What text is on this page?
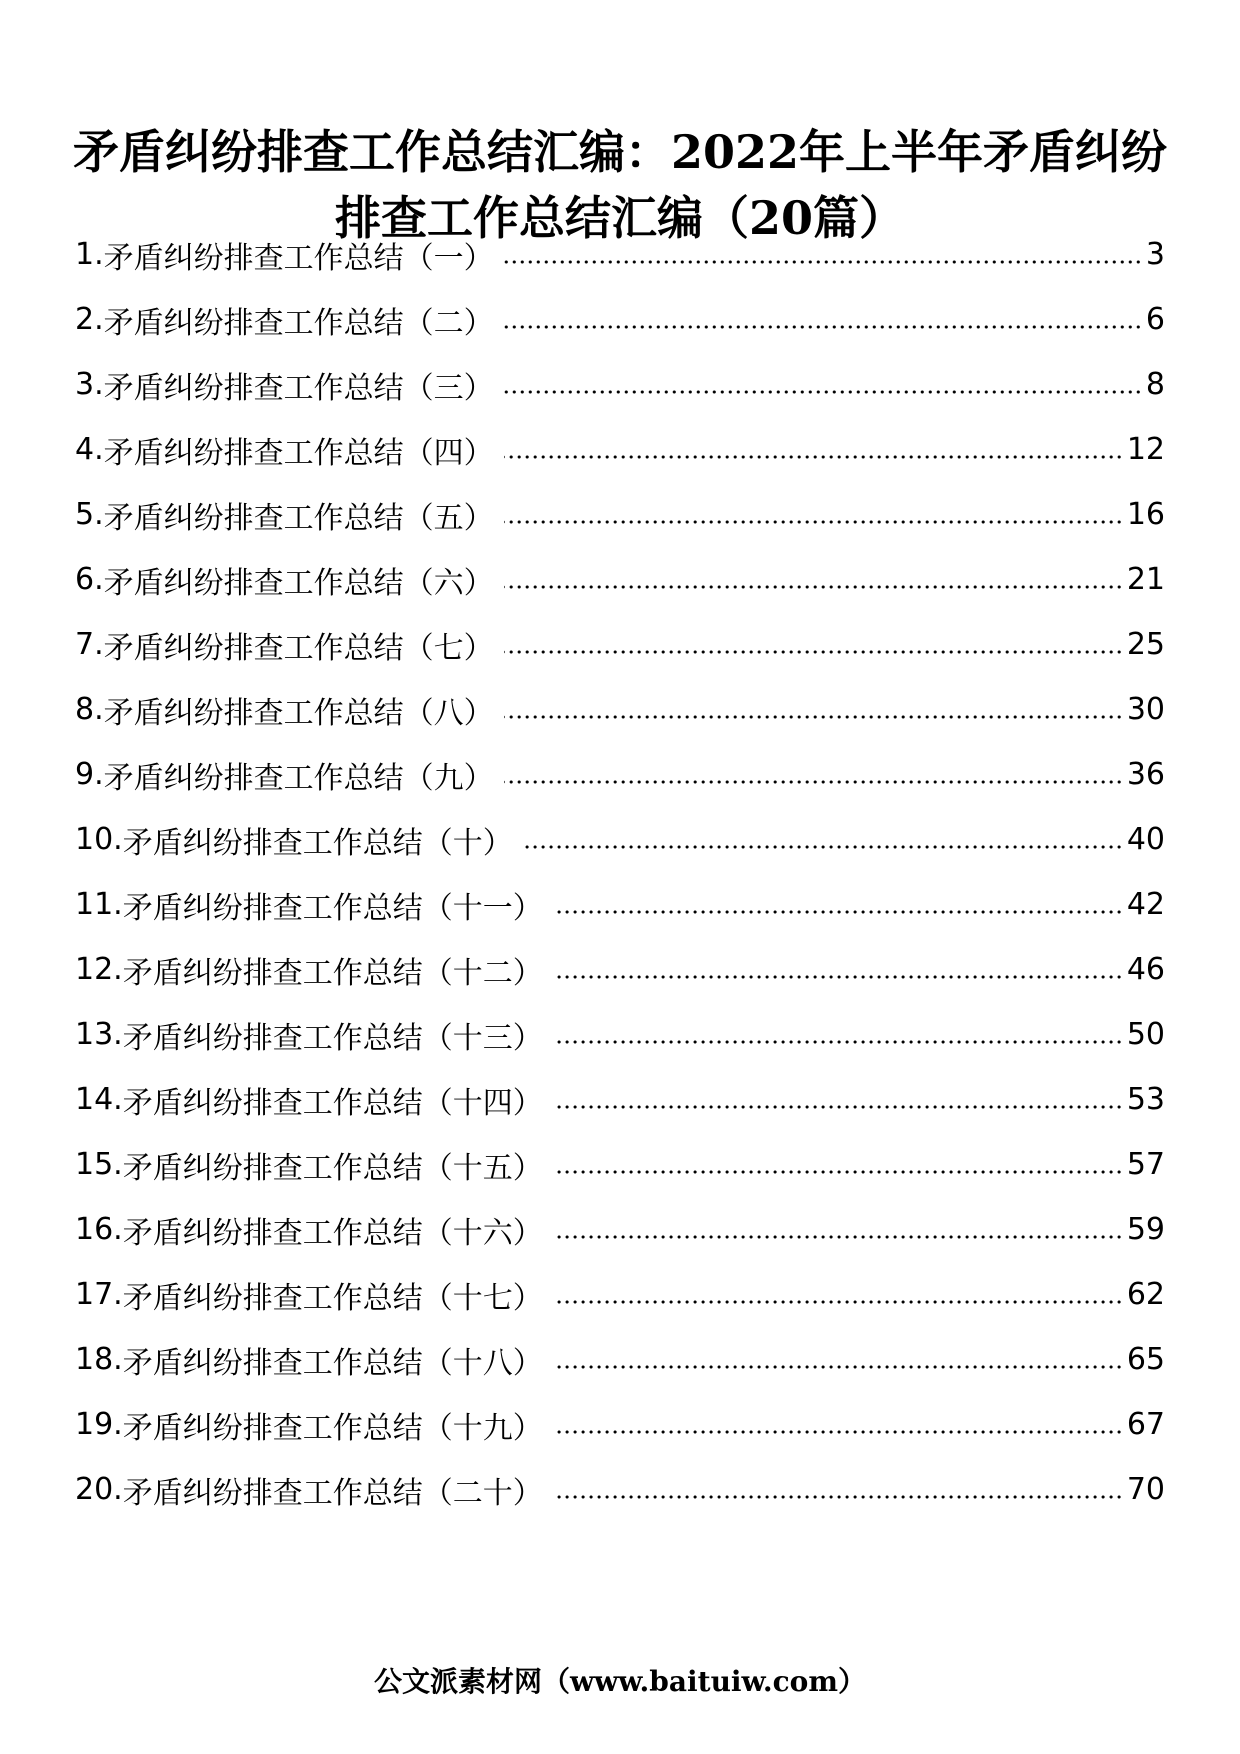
矛盾纠纷排查工作总结汇编：2022年上半年矛盾纠纷
排查工作总结汇编（20篇）
1. 矛盾纠纷排查工作总结（一）	3
2. 矛盾纠纷排查工作总结（二）	6
3. 矛盾纠纷排查工作总结（三）	8
4. 矛盾纠纷排查工作总结（四）	12
5. 矛盾纠纷排查工作总结（五）	16
6. 矛盾纠纷排查工作总结（六）	21
7. 矛盾纠纷排查工作总结（七）	25
8. 矛盾纠纷排查工作总结（八）	30
9. 矛盾纠纷排查工作总结（九）	36
10. 矛盾纠纷排查工作总结（十）	40
11. 矛盾纠纷排查工作总结（十一）	42
12. 矛盾纠纷排查工作总结（十二）	46
13. 矛盾纠纷排查工作总结（十三）	50
14. 矛盾纠纷排查工作总结（十四）	53
15. 矛盾纠纷排查工作总结（十五）	57
16. 矛盾纠纷排查工作总结（十六）	59
17. 矛盾纠纷排查工作总结（十七）	62
18. 矛盾纠纷排查工作总结（十八）	65
19. 矛盾纠纷排查工作总结（十九）	67
20. 矛盾纠纷排查工作总结（二十）	70
公文派素材网（www.baituiw.com）
